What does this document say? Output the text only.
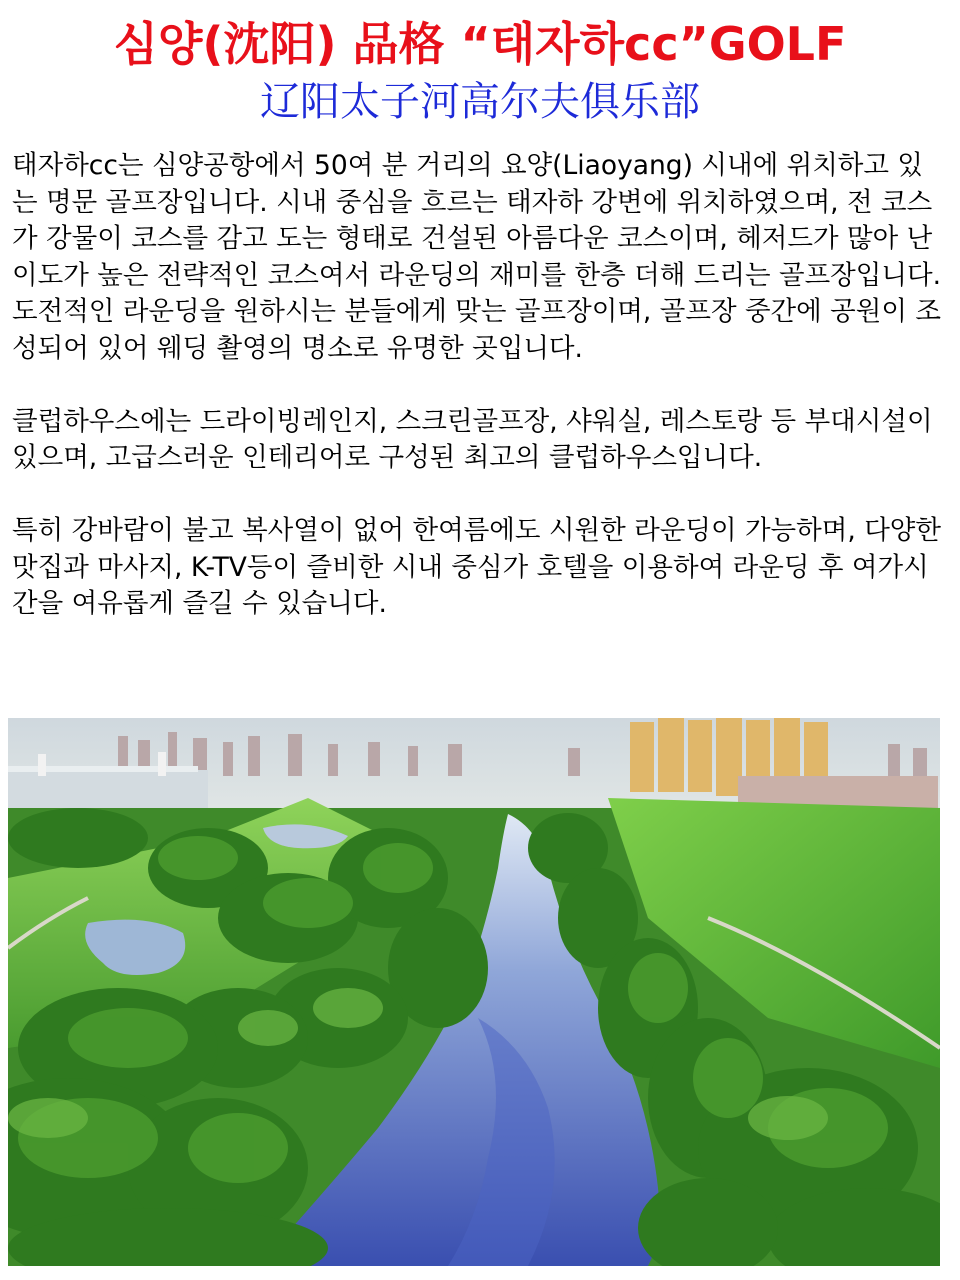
심양(沈阳) 品格 “태자하cc”GOLF
辽阳太子河高尔夫俱乐部

태자하cc는 심양공항에서 50여 분 거리의 요양(Liaoyang) 시내에 위치하고 있는 명문 골프장입니다. 시내 중심을 흐르는 태자하 강변에 위치하였으며, 전 코스가 강물이 코스를 감고 도는 형태로 건설된 아름다운 코스이며, 헤저드가 많아 난이도가 높은 전략적인 코스여서 라운딩의 재미를 한층 더해 드리는 골프장입니다. 도전적인 라운딩을 원하시는 분들에게 맞는 골프장이며, 골프장 중간에 공원이 조성되어 있어 웨딩 촬영의 명소로 유명한 곳입니다.

클럽하우스에는 드라이빙레인지, 스크린골프장, 샤워실, 레스토랑 등 부대시설이 있으며, 고급스러운 인테리어로 구성된 최고의 클럽하우스입니다.

특히 강바람이 불고 복사열이 없어 한여름에도 시원한 라운딩이 가능하며, 다양한 맛집과 마사지, K-TV등이 즐비한 시내 중심가 호텔을 이용하여 라운딩 후 여가시간을 여유롭게 즐길 수 있습니다.
